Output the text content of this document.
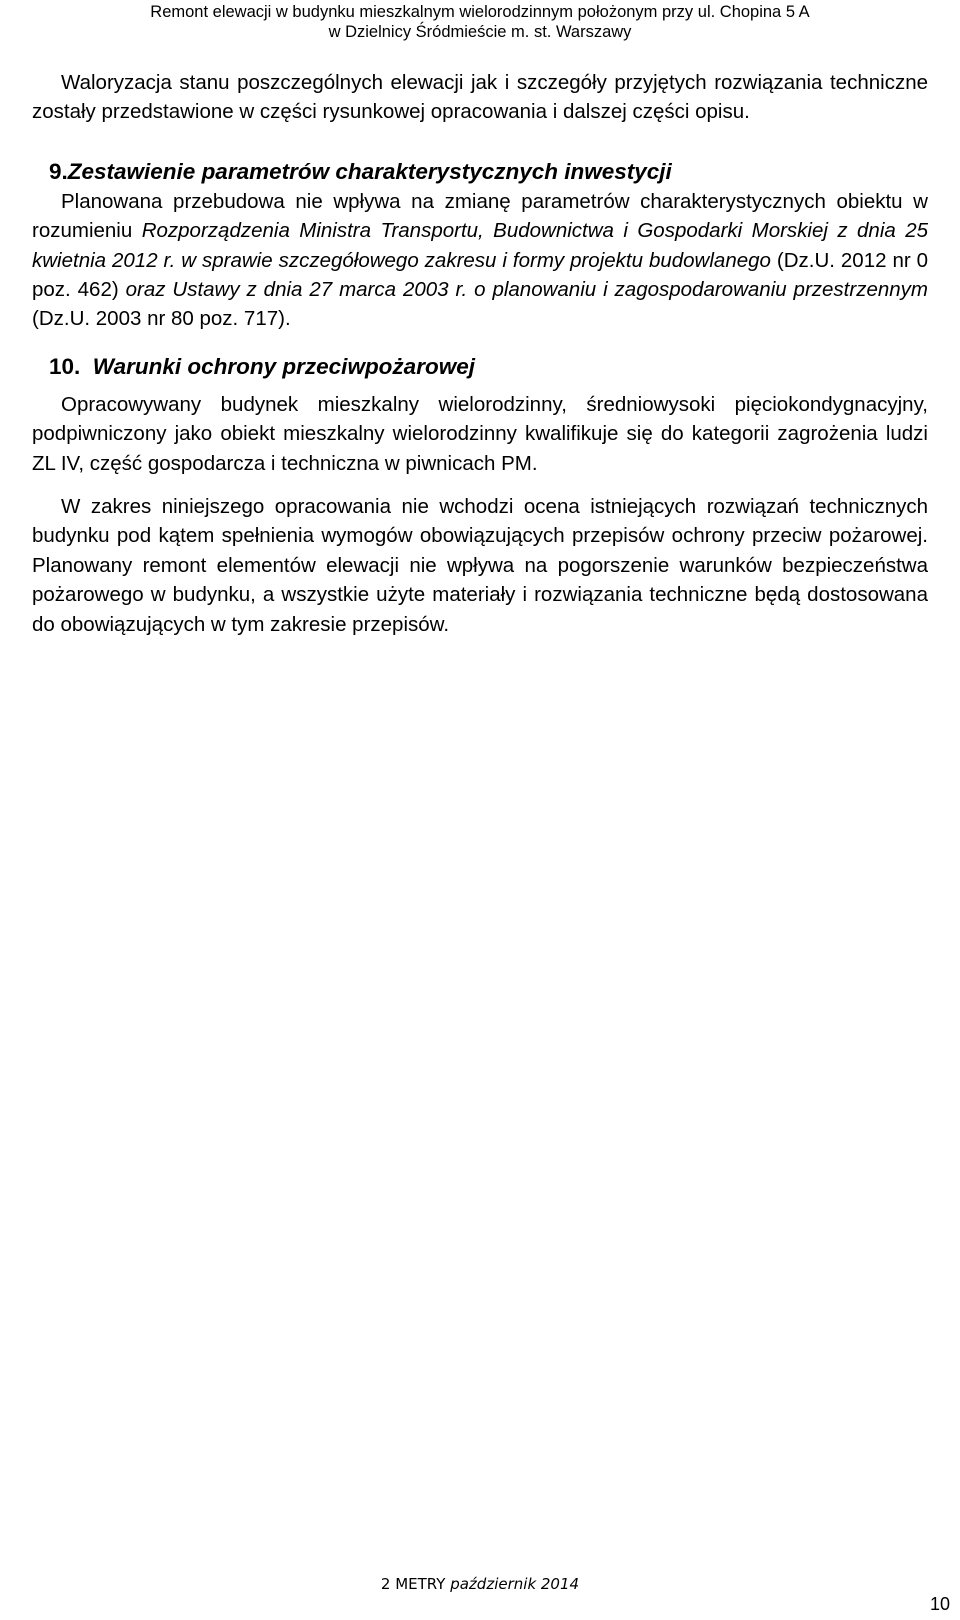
Remont elewacji w budynku mieszkalnym wielorodzinnym położonym przy ul. Chopina 5 A
w Dzielnicy Śródmieście m. st. Warszawy

Waloryzacja stanu poszczególnych elewacji jak i szczegóły przyjętych rozwiązania techniczne zostały przedstawione w części rysunkowej opracowania i dalszej części opisu.

9.Zestawienie parametrów charakterystycznych inwestycji

Planowana przebudowa nie wpływa na zmianę parametrów charakterystycznych obiektu w rozumieniu Rozporządzenia Ministra Transportu, Budownictwa i Gospodarki Morskiej z dnia 25 kwietnia 2012 r. w sprawie szczegółowego zakresu i formy projektu budowlanego (Dz.U. 2012 nr 0 poz. 462) oraz Ustawy z dnia 27 marca 2003 r. o planowaniu i zagospodarowaniu przestrzennym (Dz.U. 2003 nr 80 poz. 717).

10. Warunki ochrony przeciwpożarowej

Opracowywany budynek mieszkalny wielorodzinny, średniowysoki pięciokondygnacyjny, podpiwniczony jako obiekt mieszkalny wielorodzinny kwalifikuje się do kategorii zagrożenia ludzi ZL IV, część gospodarcza i techniczna w piwnicach PM.

W zakres niniejszego opracowania nie wchodzi ocena istniejących rozwiązań technicznych budynku pod kątem spełnienia wymogów obowiązujących przepisów ochrony przeciw pożarowej. Planowany remont elementów elewacji nie wpływa na pogorszenie warunków bezpieczeństwa pożarowego w budynku, a wszystkie użyte materiały i rozwiązania techniczne będą dostosowana do obowiązujących w tym zakresie przepisów.

2 METRY październik 2014
10
